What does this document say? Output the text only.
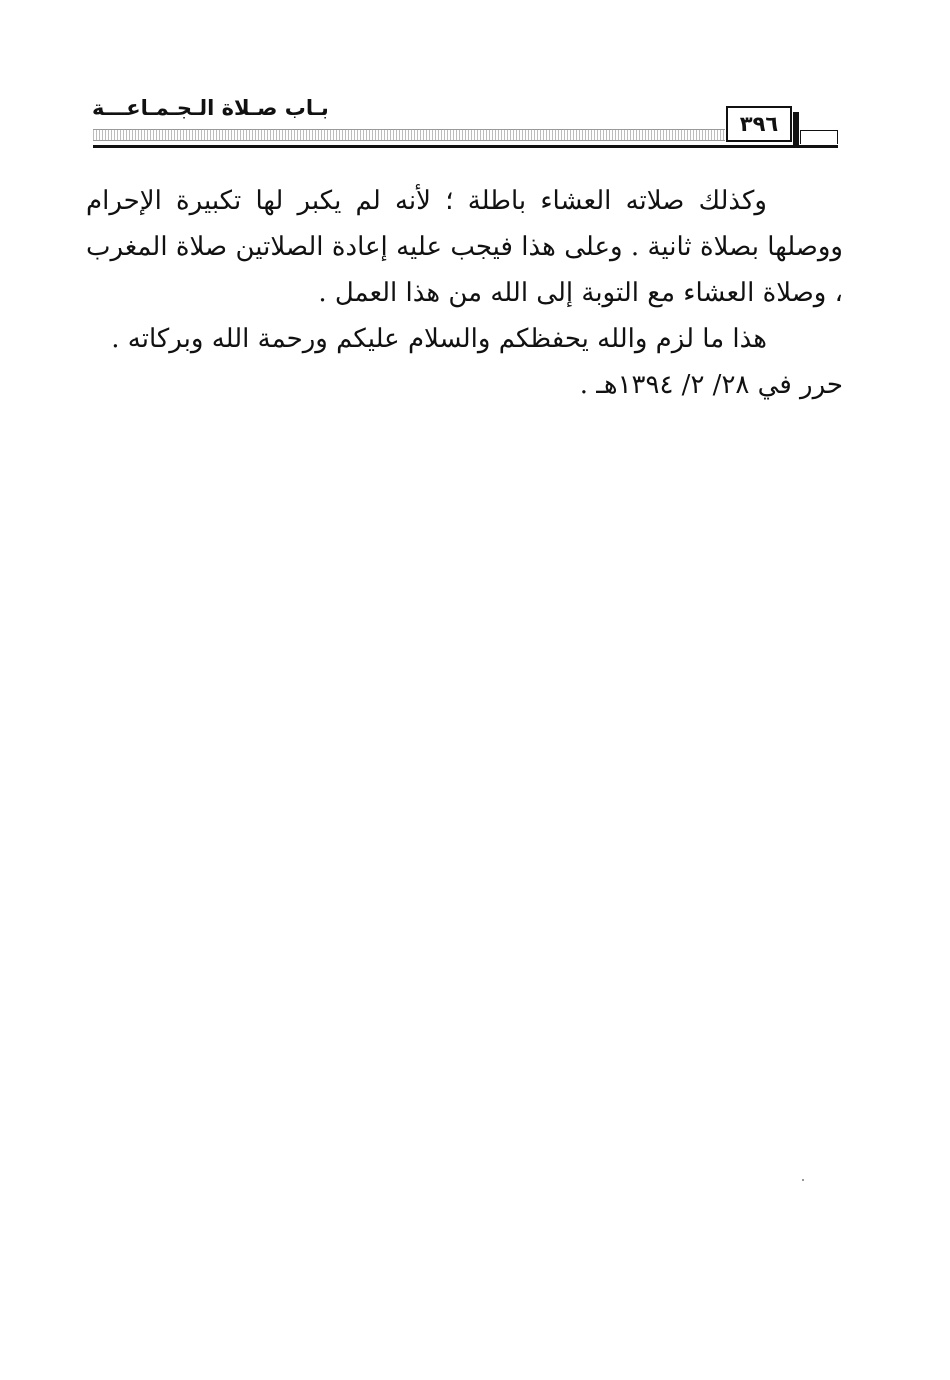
بـاب صـلاة الـجـمـاعـــة
٣٩٦

وكذلك صلاته العشاء باطلة ؛ لأنه لم يكبر لها تكبيرة الإحرام ووصلها بصلاة ثانية . وعلى هذا فيجب عليه إعادة الصلاتين صلاة المغرب ، وصلاة العشاء مع التوبة إلى الله من هذا العمل .

هذا ما لزم والله يحفظكم والسلام عليكم ورحمة الله وبركاته .

حرر في ٢٨/ ٢/ ١٣٩٤هـ .
